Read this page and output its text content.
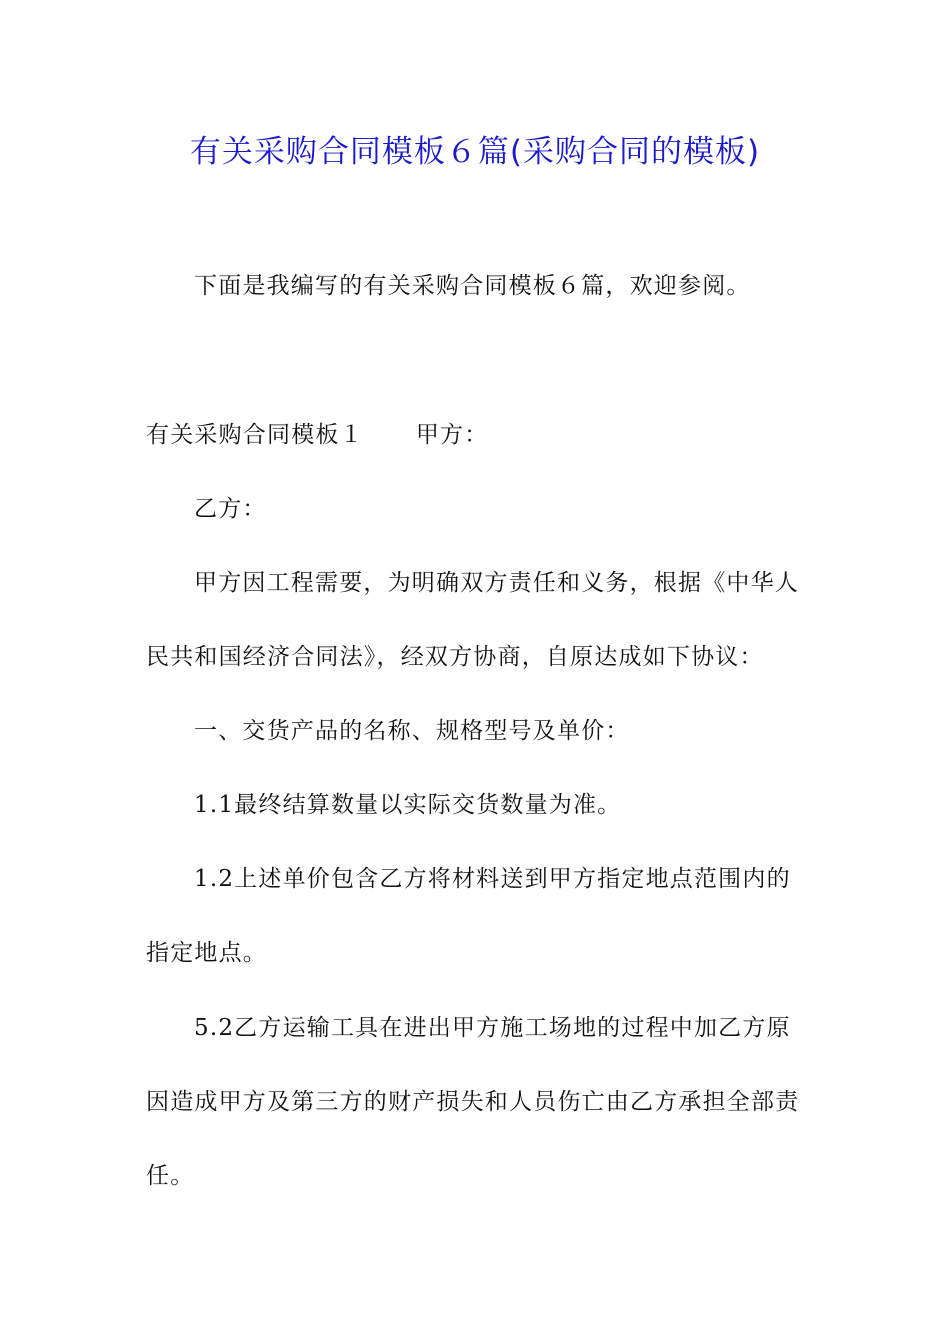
有关采购合同模板６篇(采购合同的模板)
下面是我编写的有关采购合同模板６篇，欢迎参阅。
有关采购合同模板１ 甲方：
乙方：
甲方因工程需要，为明确双方责任和义务，根据《中华人
民共和国经济合同法》，经双方协商，自原达成如下协议：
一、交货产品的名称、规格型号及单价：
1.1最终结算数量以实际交货数量为准。
1.2上述单价包含乙方将材料送到甲方指定地点范围内的
指定地点。
5.2乙方运输工具在进出甲方施工场地的过程中加乙方原
因造成甲方及第三方的财产损失和人员伤亡由乙方承担全部责
任。
